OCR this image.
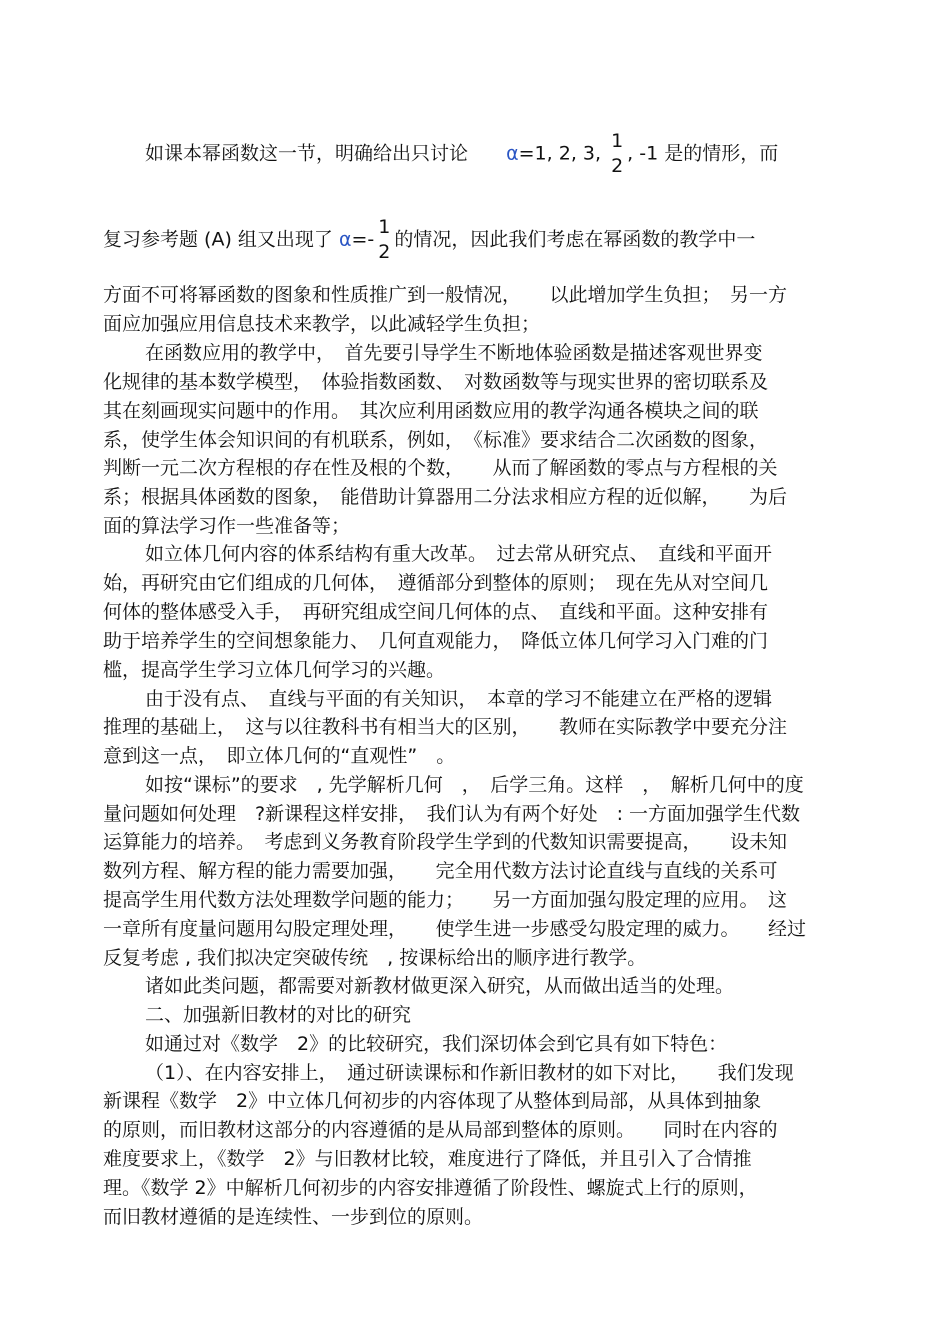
如课本幂函数这一节，明确给出只讨论 α=1, 2, 3,
1
2
, -1 是的情形，而
复习参考题 (A) 组又出现了 α=-
1
2
的情况，因此我们考虑在幂函数的教学中一
方面不可将幂函数的图象和性质推广到一般情况，　　以此增加学生负担；　另一方
面应加强应用信息技术来教学，以此减轻学生负担；
在函数应用的教学中，　首先要引导学生不断地体验函数是描述客观世界变
化规律的基本数学模型，　体验指数函数、　对数函数等与现实世界的密切联系及
其在刻画现实问题中的作用。　其次应利用函数应用的教学沟通各模块之间的联
系，使学生体会知识间的有机联系，例如，　《标准》要求结合二次函数的图象，
判断一元二次方程根的存在性及根的个数，　　从而了解函数的零点与方程根的关
系；根据具体函数的图象，　能借助计算器用二分法求相应方程的近似解，　　为后
面的算法学习作一些准备等；
如立体几何内容的体系结构有重大改革。　过去常从研究点、　直线和平面开
始，再研究由它们组成的几何体，　遵循部分到整体的原则；　现在先从对空间几
何体的整体感受入手，　再研究组成空间几何体的点、　直线和平面。这种安排有
助于培养学生的空间想象能力、　几何直观能力，　降低立体几何学习入门难的门
槛，提高学生学习立体几何学习的兴趣。
由于没有点、　直线与平面的有关知识，　本章的学习不能建立在严格的逻辑
推理的基础上，　这与以往教科书有相当大的区别，　　教师在实际教学中要充分注
意到这一点，　即立体几何的“直观性”　。
如按“课标”的要求　, 先学解析几何　，　后学三角。这样　，　解析几何中的度
量问题如何处理　?新课程这样安排，　我们认为有两个好处　: 一方面加强学生代数
运算能力的培养。　考虑到义务教育阶段学生学到的代数知识需要提高，　　设未知
数列方程、解方程的能力需要加强，　　完全用代数方法讨论直线与直线的关系可
提高学生用代数方法处理数学问题的能力；　　另一方面加强勾股定理的应用。　这
一章所有度量问题用勾股定理处理，　　使学生进一步感受勾股定理的威力。　　经过
反复考虑 , 我们拟决定突破传统　, 按课标给出的顺序进行教学。
诸如此类问题，都需要对新教材做更深入研究，从而做出适当的处理。
二、加强新旧教材的对比的研究
如通过对《数学　2》的比较研究，我们深切体会到它具有如下特色：
（1）、在内容安排上，　通过研读课标和作新旧教材的如下对比，　　我们发现
新课程《数学　2》中立体几何初步的内容体现了从整体到局部，从具体到抽象
的原则，而旧教材这部分的内容遵循的是从局部到整体的原则。　　同时在内容的
难度要求上，《数学　2》与旧教材比较，难度进行了降低，并且引入了合情推
理。《数学 2》中解析几何初步的内容安排遵循了阶段性、螺旋式上行的原则，
而旧教材遵循的是连续性、一步到位的原则。
